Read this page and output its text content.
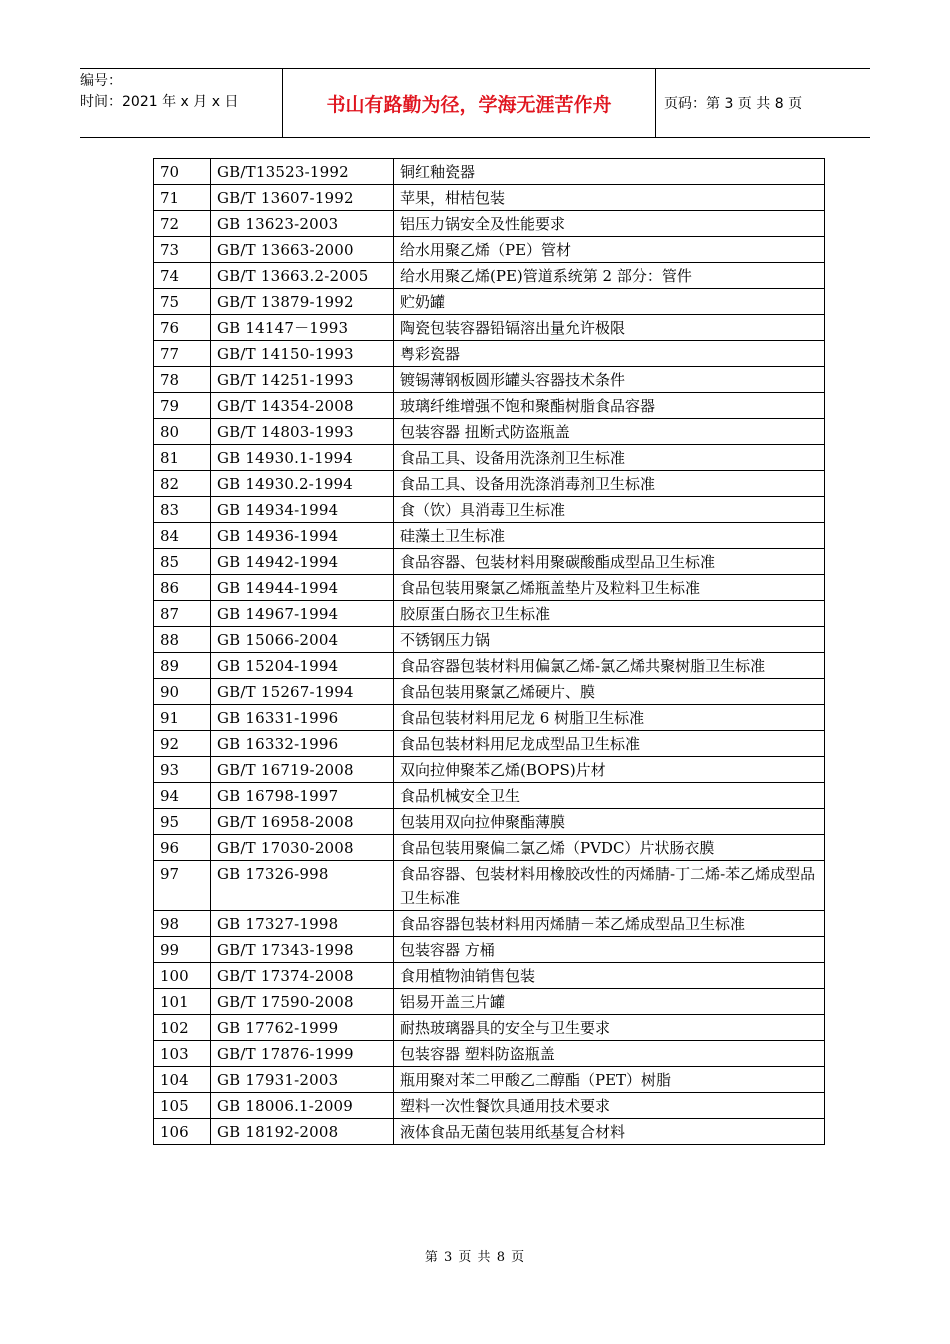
编号：
时间：2021 年 x 月 x 日	书山有路勤为径，学海无涯苦作舟	页码：第 3 页 共 8 页
70	GB/T13523-1992	铜红釉瓷器
71	GB/T 13607-1992	苹果，柑桔包装
72	GB 13623-2003	铝压力锅安全及性能要求
73	GB/T 13663-2000	给水用聚乙烯（PE）管材
74	GB/T 13663.2-2005	给水用聚乙烯(PE)管道系统第 2 部分：管件
75	GB/T 13879-1992	贮奶罐
76	GB 14147－1993	陶瓷包装容器铅镉溶出量允许极限
77	GB/T 14150-1993	粤彩瓷器
78	GB/T 14251-1993	镀锡薄钢板圆形罐头容器技术条件
79	GB/T 14354-2008	玻璃纤维增强不饱和聚酯树脂食品容器
80	GB/T 14803-1993	包装容器 扭断式防盗瓶盖
81	GB 14930.1-1994	食品工具、设备用洗涤剂卫生标准
82	GB 14930.2-1994	食品工具、设备用洗涤消毒剂卫生标准
83	GB 14934-1994	食（饮）具消毒卫生标准
84	GB 14936-1994	硅藻土卫生标准
85	GB 14942-1994	食品容器、包装材料用聚碳酸酯成型品卫生标准
86	GB 14944-1994	食品包装用聚氯乙烯瓶盖垫片及粒料卫生标准
87	GB 14967-1994	胶原蛋白肠衣卫生标准
88	GB 15066-2004	不锈钢压力锅
89	GB 15204-1994	食品容器包装材料用偏氯乙烯-氯乙烯共聚树脂卫生标准
90	GB/T 15267-1994	食品包装用聚氯乙烯硬片、膜
91	GB 16331-1996	食品包装材料用尼龙 6 树脂卫生标准
92	GB 16332-1996	食品包装材料用尼龙成型品卫生标准
93	GB/T 16719-2008	双向拉伸聚苯乙烯(BOPS)片材
94	GB 16798-1997	食品机械安全卫生
95	GB/T 16958-2008	包装用双向拉伸聚酯薄膜
96	GB/T 17030-2008	食品包装用聚偏二氯乙烯（PVDC）片状肠衣膜
97	GB 17326-998	食品容器、包装材料用橡胶改性的丙烯腈-丁二烯-苯乙烯成型品卫生标准
98	GB 17327-1998	食品容器包装材料用丙烯腈－苯乙烯成型品卫生标准
99	GB/T 17343-1998	包装容器 方桶
100	GB/T 17374-2008	食用植物油销售包装
101	GB/T 17590-2008	铝易开盖三片罐
102	GB 17762-1999	耐热玻璃器具的安全与卫生要求
103	GB/T 17876-1999	包装容器 塑料防盗瓶盖
104	GB 17931-2003	瓶用聚对苯二甲酸乙二醇酯（PET）树脂
105	GB 18006.1-2009	塑料一次性餐饮具通用技术要求
106	GB 18192-2008	液体食品无菌包装用纸基复合材料
第 3 页 共 8 页
